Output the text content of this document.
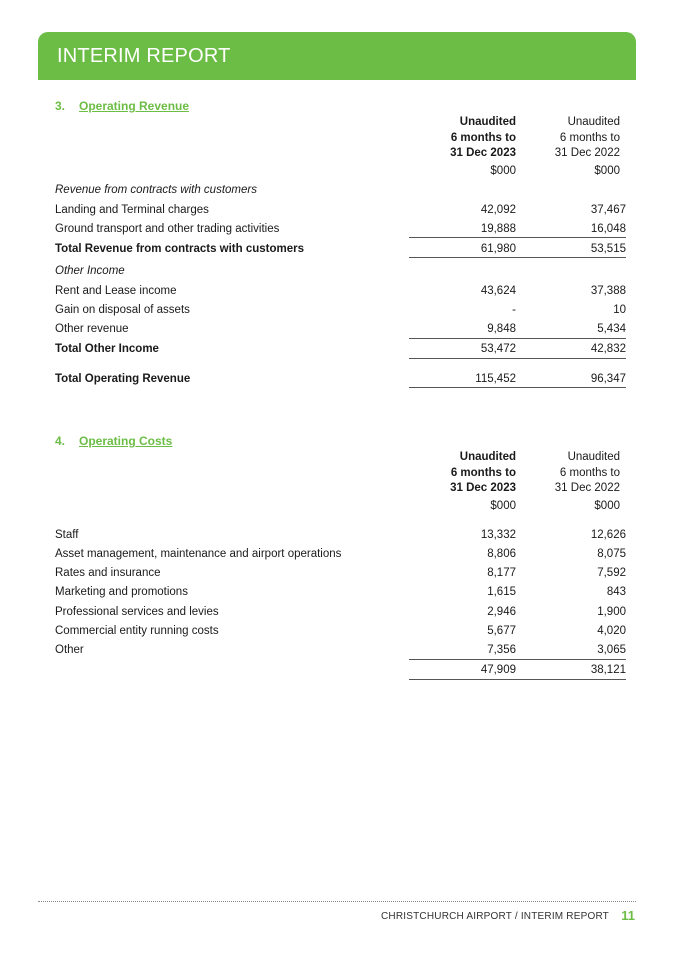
INTERIM REPORT
3. Operating Revenue
Unaudited
6 months to
31 Dec 2023
Unaudited
6 months to
31 Dec 2022
$000	$000
Revenue from contracts with customers
Landing and Terminal charges	42,092	37,467
Ground transport and other trading activities	19,888	16,048
Total Revenue from contracts with customers	61,980	53,515
Other Income
Rent and Lease income	43,624	37,388
Gain on disposal of assets	-	10
Other revenue	9,848	5,434
Total Other Income	53,472	42,832
Total Operating Revenue	115,452	96,347
4. Operating Costs
Unaudited
6 months to
31 Dec 2023
Unaudited
6 months to
31 Dec 2022
$000	$000
Staff	13,332	12,626
Asset management, maintenance and airport operations	8,806	8,075
Rates and insurance	8,177	7,592
Marketing and promotions	1,615	843
Professional services and levies	2,946	1,900
Commercial entity running costs	5,677	4,020
Other	7,356	3,065
47,909	38,121
CHRISTCHURCH AIRPORT / INTERIM REPORT 11
